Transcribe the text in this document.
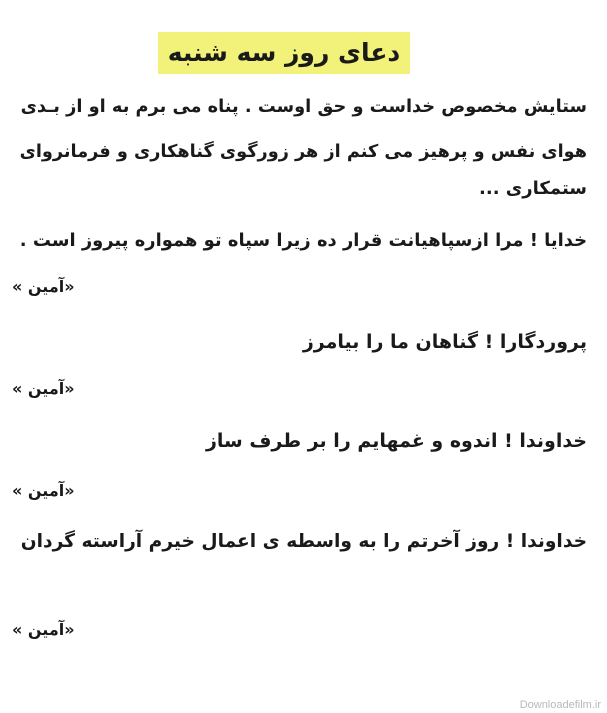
دعای روز سه شنبه
ستایش مخصوص خداست و حق اوست . پناه می برم به او از بـدی
هوای نفس و پرهیز می کنم از هر زورگوی گناهکاری و فرمانروای
ستمکاری ...
خدایا ! مرا ازسپاهیانت قرار ده زیرا سپاه تو همواره پیروز است .
«آمین »
پروردگارا ! گناهان ما را بیامرز
«آمین »
خداوندا ! اندوه و غمهایم را بر طرف ساز
«آمین »
خداوندا ! روز آخرتم را به واسطه ی اعمال خیرم آراسته گردان
«آمین »
Downloadefilm.ir
